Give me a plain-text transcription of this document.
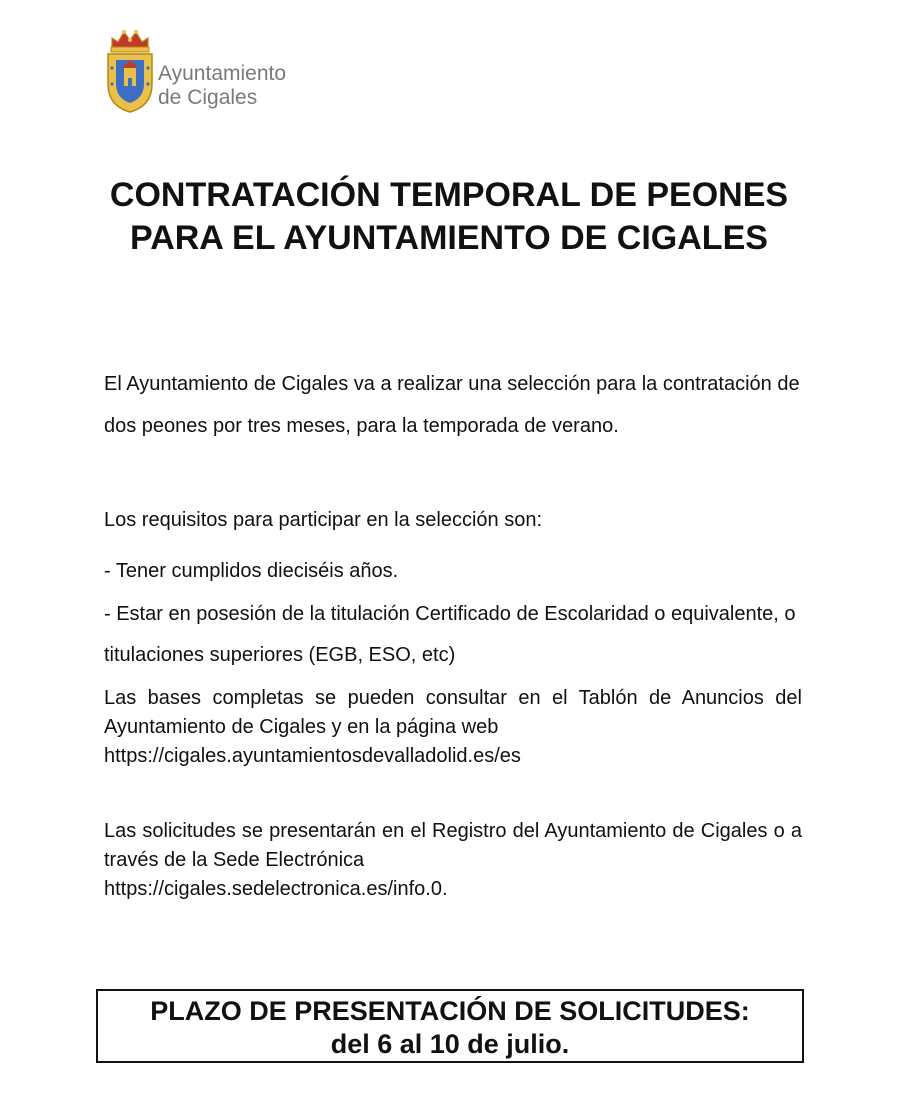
Ayuntamiento
de Cigales
CONTRATACIÓN TEMPORAL DE PEONES PARA EL AYUNTAMIENTO DE CIGALES

El Ayuntamiento de Cigales va a realizar una selección para la contratación de dos peones por tres meses, para la temporada de verano.

Los requisitos para participar en la selección son:

- Tener cumplidos dieciséis años.

- Estar en posesión de la titulación Certificado de Escolaridad o equivalente, o titulaciones superiores (EGB, ESO, etc)

Las bases completas se pueden consultar en el Tablón de Anuncios del Ayuntamiento de Cigales y en la página web
https://cigales.ayuntamientosdevalladolid.es/es

Las solicitudes se presentarán en el Registro del Ayuntamiento de Cigales o a través de la Sede Electrónica
https://cigales.sedelectronica.es/info.0.

PLAZO DE PRESENTACIÓN DE SOLICITUDES:
del 6 al 10 de julio.
